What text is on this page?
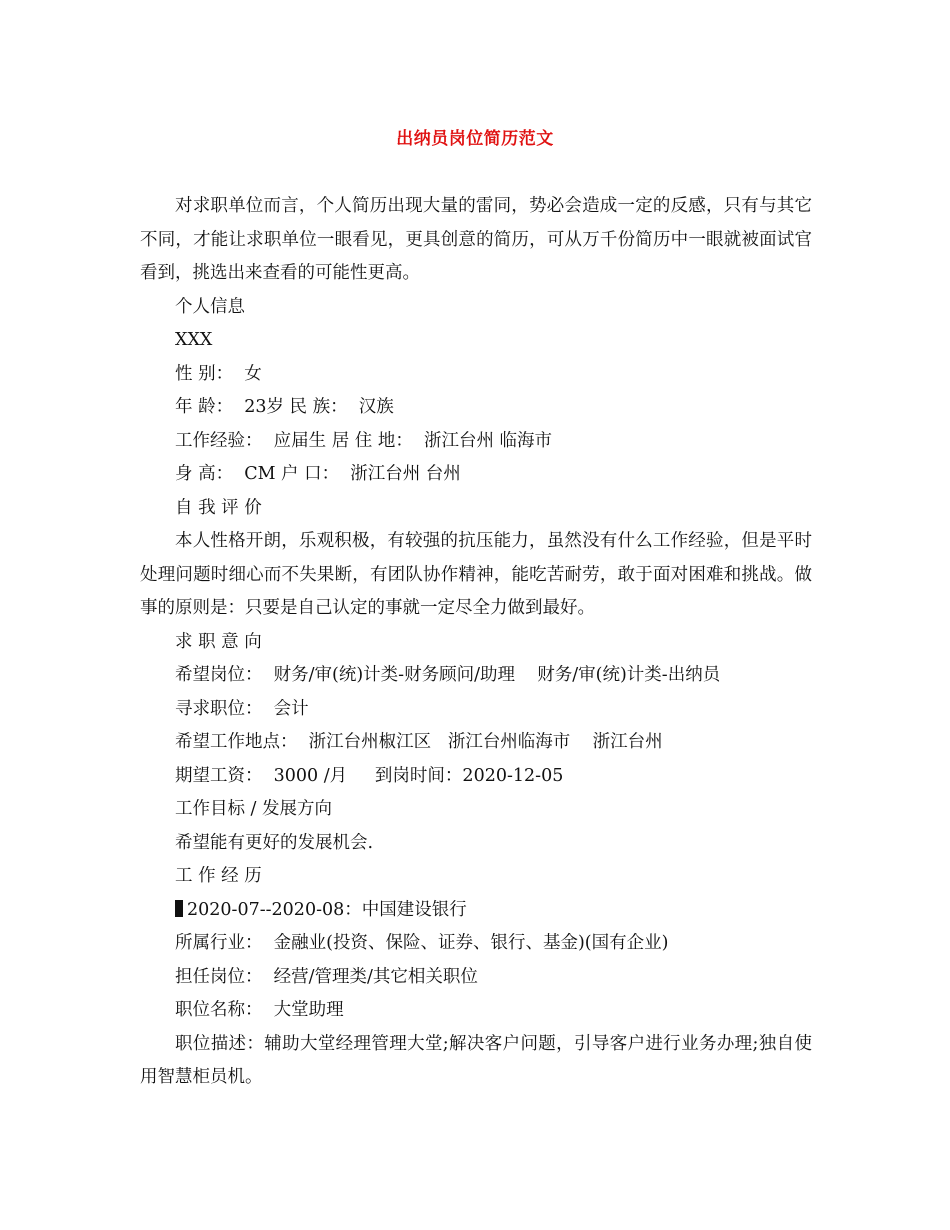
出纳员岗位简历范文

对求职单位而言，个人简历出现大量的雷同，势必会造成一定的反感，只有与其它不同，才能让求职单位一眼看见，更具创意的简历，可从万千份简历中一眼就被面试官看到，挑选出来查看的可能性更高。

个人信息

XXX

性 别：  女

年 龄：  23岁 民 族：  汉族

工作经验：  应届生 居 住 地：  浙江台州 临海市

身 高：  CM 户 口：  浙江台州 台州

自 我 评 价

本人性格开朗，乐观积极，有较强的抗压能力，虽然没有什么工作经验，但是平时处理问题时细心而不失果断，有团队协作精神，能吃苦耐劳，敢于面对困难和挑战。做事的原则是：只要是自己认定的事就一定尽全力做到最好。

求 职 意 向

希望岗位：  财务/审(统)计类-财务顾问/助理    财务/审(统)计类-出纳员

寻求职位：  会计

希望工作地点：  浙江台州椒江区   浙江台州临海市    浙江台州

期望工资：  3000 /月     到岗时间：2020-12-05

工作目标 / 发展方向

希望能有更好的发展机会.

工 作 经 历

2020-07--2020-08：中国建设银行

所属行业：  金融业(投资、保险、证券、银行、基金)(国有企业)

担任岗位：  经营/管理类/其它相关职位

职位名称：  大堂助理

职位描述：辅助大堂经理管理大堂;解决客户问题，引导客户进行业务办理;独自使用智慧柜员机。
